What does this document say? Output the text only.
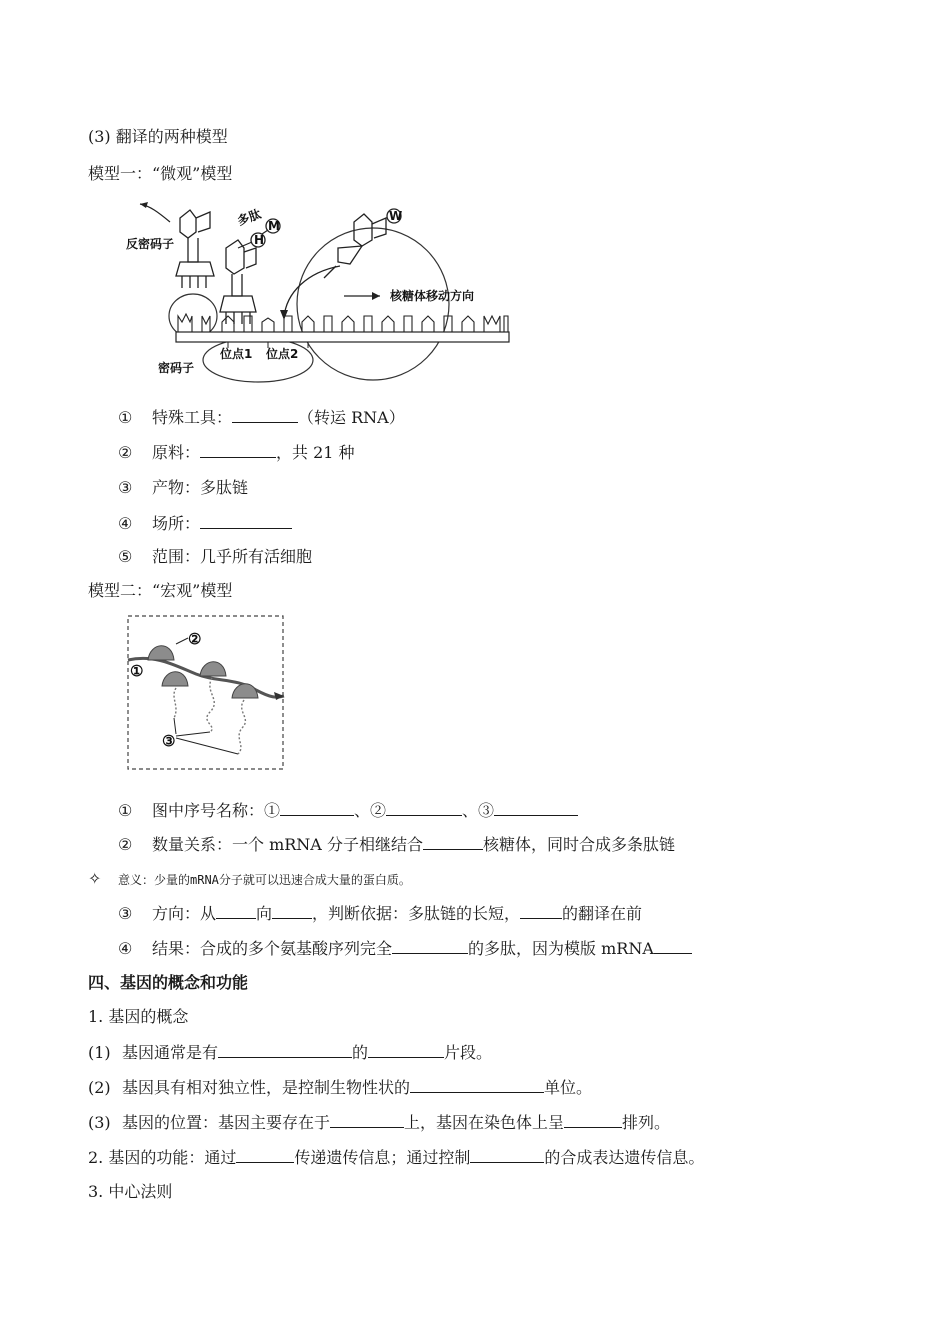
(3) 翻译的两种模型
模型一：“微观”模型
反密码子
多肽 M
H
W
核糖体移动方向
密码子
位点1 位点2
① 特殊工具：	（转运 RNA）
② 原料：	，共 21 种
③ 产物：多肽链
④ 场所：
⑤ 范围：几乎所有活细胞
模型二：“宏观”模型
②
①
③
① 图中序号名称：①	、②	、③
② 数量关系：一个 mRNA 分子相继结合	核糖体，同时合成多条肽链
✧ 意义：少量的mRNA分子就可以迅速合成大量的蛋白质。
③ 方向：从	向	，判断依据：多肽链的长短，	的翻译在前
④ 结果：合成的多个氨基酸序列完全	的多肽，因为模版 mRNA
四、基因的概念和功能
1. 基因的概念
(1) 基因通常是有	的	片段。
(2) 基因具有相对独立性，是控制生物性状的	单位。
(3) 基因的位置：基因主要存在于	上，基因在染色体上呈	排列。
2. 基因的功能：通过	传递遗传信息；通过控制	的合成表达遗传信息。
3. 中心法则
